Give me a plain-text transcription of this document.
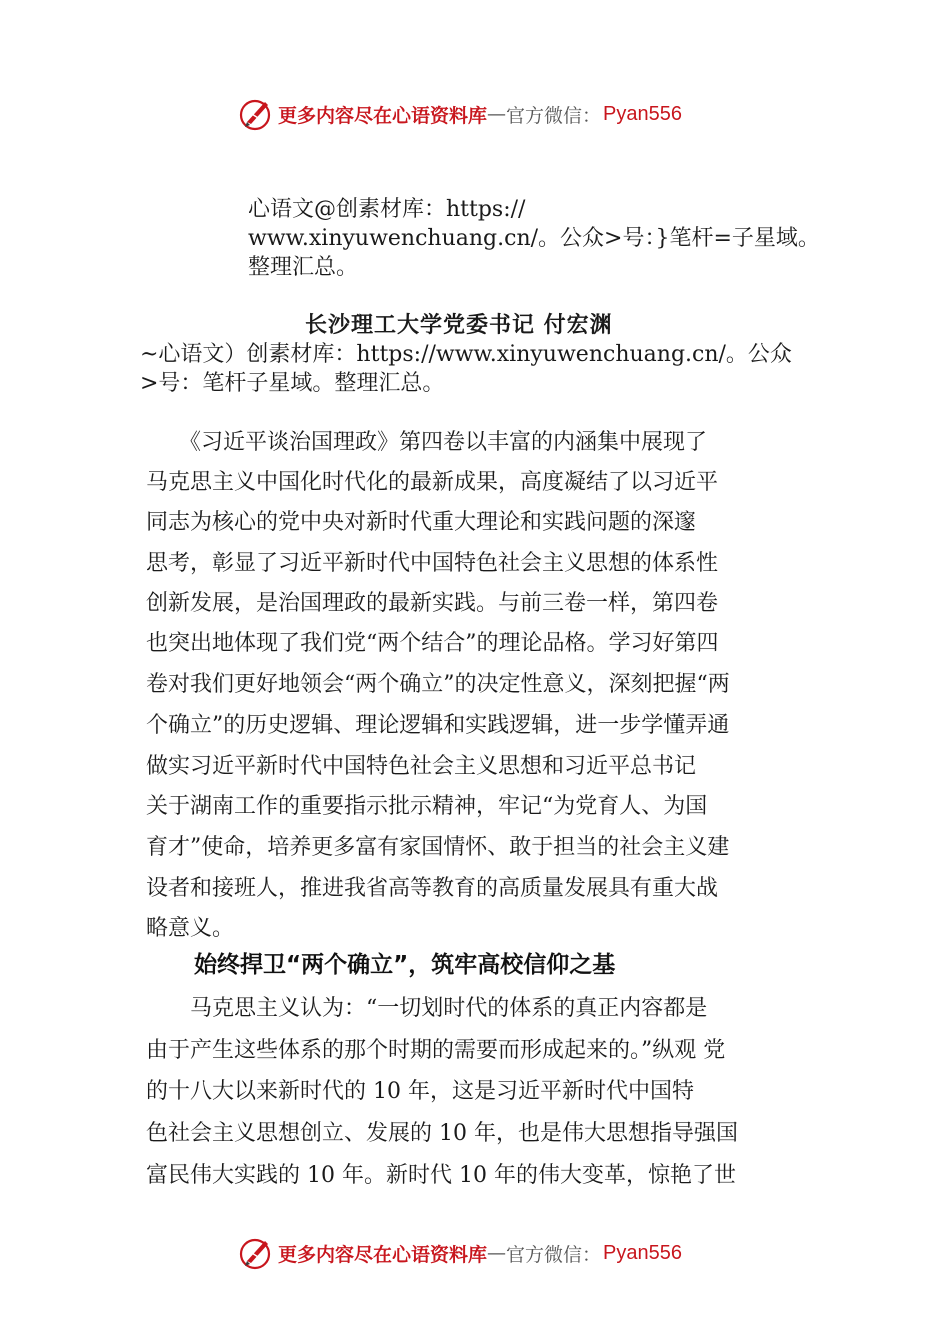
更多内容尽在心语资料库 — 官方微信： Pyan556
心语文@创素材库：https://
www.xinyuwenchuang.cn/。公众>号：}笔杆=子星域。
整理汇总。
长沙理工大学党委书记 付宏渊
~心语文）创素材库：https://www.xinyuwenchuang.cn/。公众
>号：笔杆子星域。整理汇总。
　　《习近平谈治国理政》第四卷以丰富的内涵集中展现了
马克思主义中国化时代化的最新成果，高度凝结了以习近平
同志为核心的党中央对新时代重大理论和实践问题的深邃
思考，彰显了习近平新时代中国特色社会主义思想的体系性
创新发展，是治国理政的最新实践。与前三卷一样，第四卷
也突出地体现了我们党“两个结合”的理论品格。学习好第四
卷对我们更好地领会“两个确立”的决定性意义，深刻把握“两
个确立”的历史逻辑、理论逻辑和实践逻辑，进一步学懂弄通
做实习近平新时代中国特色社会主义思想和习近平总书记
关于湖南工作的重要指示批示精神，牢记“为党育人、为国
育才”使命，培养更多富有家国情怀、敢于担当的社会主义建
设者和接班人，推进我省高等教育的高质量发展具有重大战
略意义。
始终捍卫“两个确立”，筑牢高校信仰之基
　　马克思主义认为：“一切划时代的体系的真正内容都是
由于产生这些体系的那个时期的需要而形成起来的。”纵观 党
的十八大以来新时代的 10 年，这是习近平新时代中国特
色社会主义思想创立、发展的 10 年，也是伟大思想指导强国
富民伟大实践的 10 年。新时代 10 年的伟大变革，惊艳了世
更多内容尽在心语资料库 — 官方微信： Pyan556
